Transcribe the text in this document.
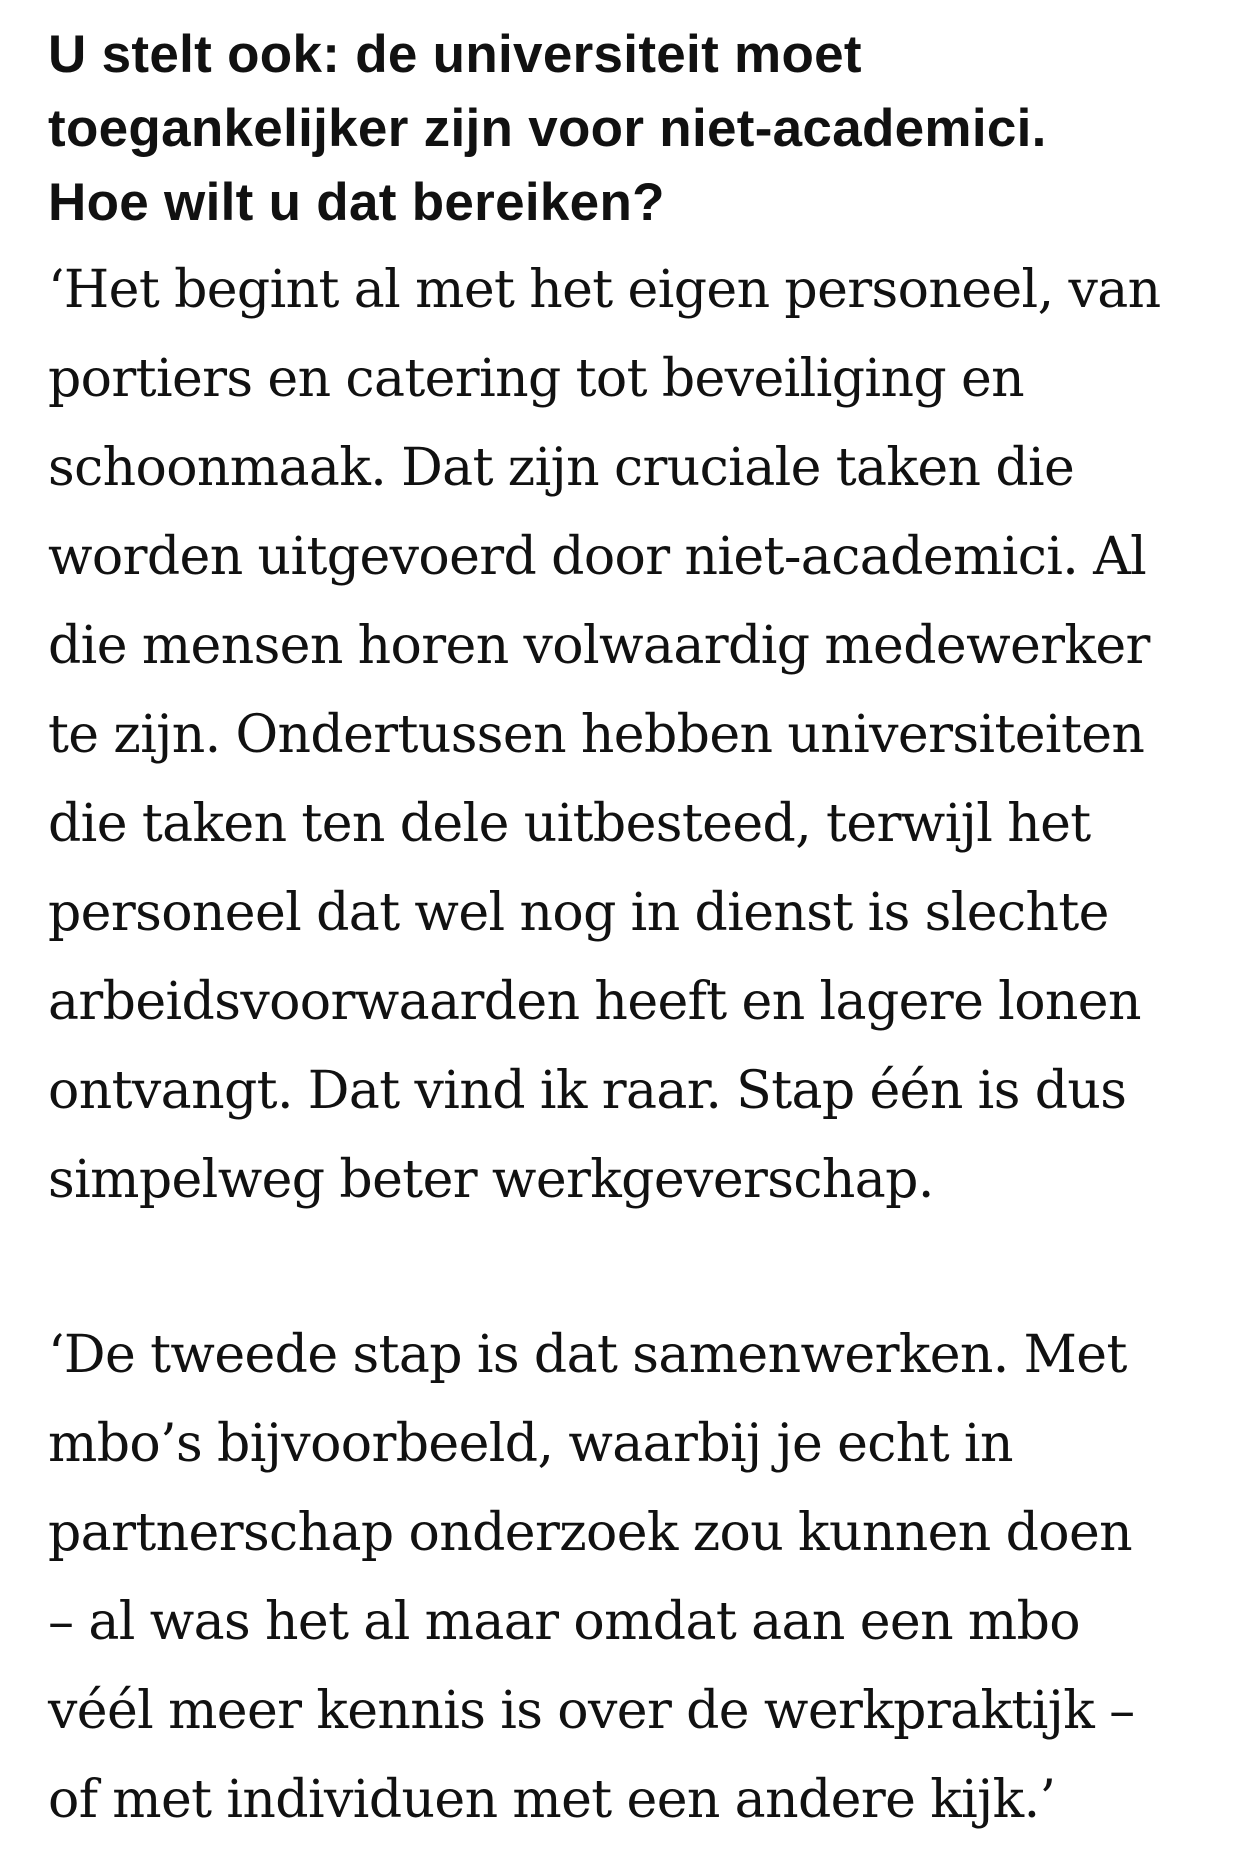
U stelt ook: de universiteit moet
toegankelijker zijn voor niet-academici.
Hoe wilt u dat bereiken?

‘Het begint al met het eigen personeel, van
portiers en catering tot beveiliging en
schoonmaak. Dat zijn cruciale taken die
worden uitgevoerd door niet-academici. Al
die mensen horen volwaardig medewerker
te zijn. Ondertussen hebben universiteiten
die taken ten dele uitbesteed, terwijl het
personeel dat wel nog in dienst is slechte
arbeidsvoorwaarden heeft en lagere lonen
ontvangt. Dat vind ik raar. Stap één is dus
simpelweg beter werkgeverschap.

‘De tweede stap is dat samenwerken. Met
mbo’s bijvoorbeeld, waarbij je echt in
partnerschap onderzoek zou kunnen doen
– al was het al maar omdat aan een mbo
véél meer kennis is over de werkpraktijk –
of met individuen met een andere kijk.’
